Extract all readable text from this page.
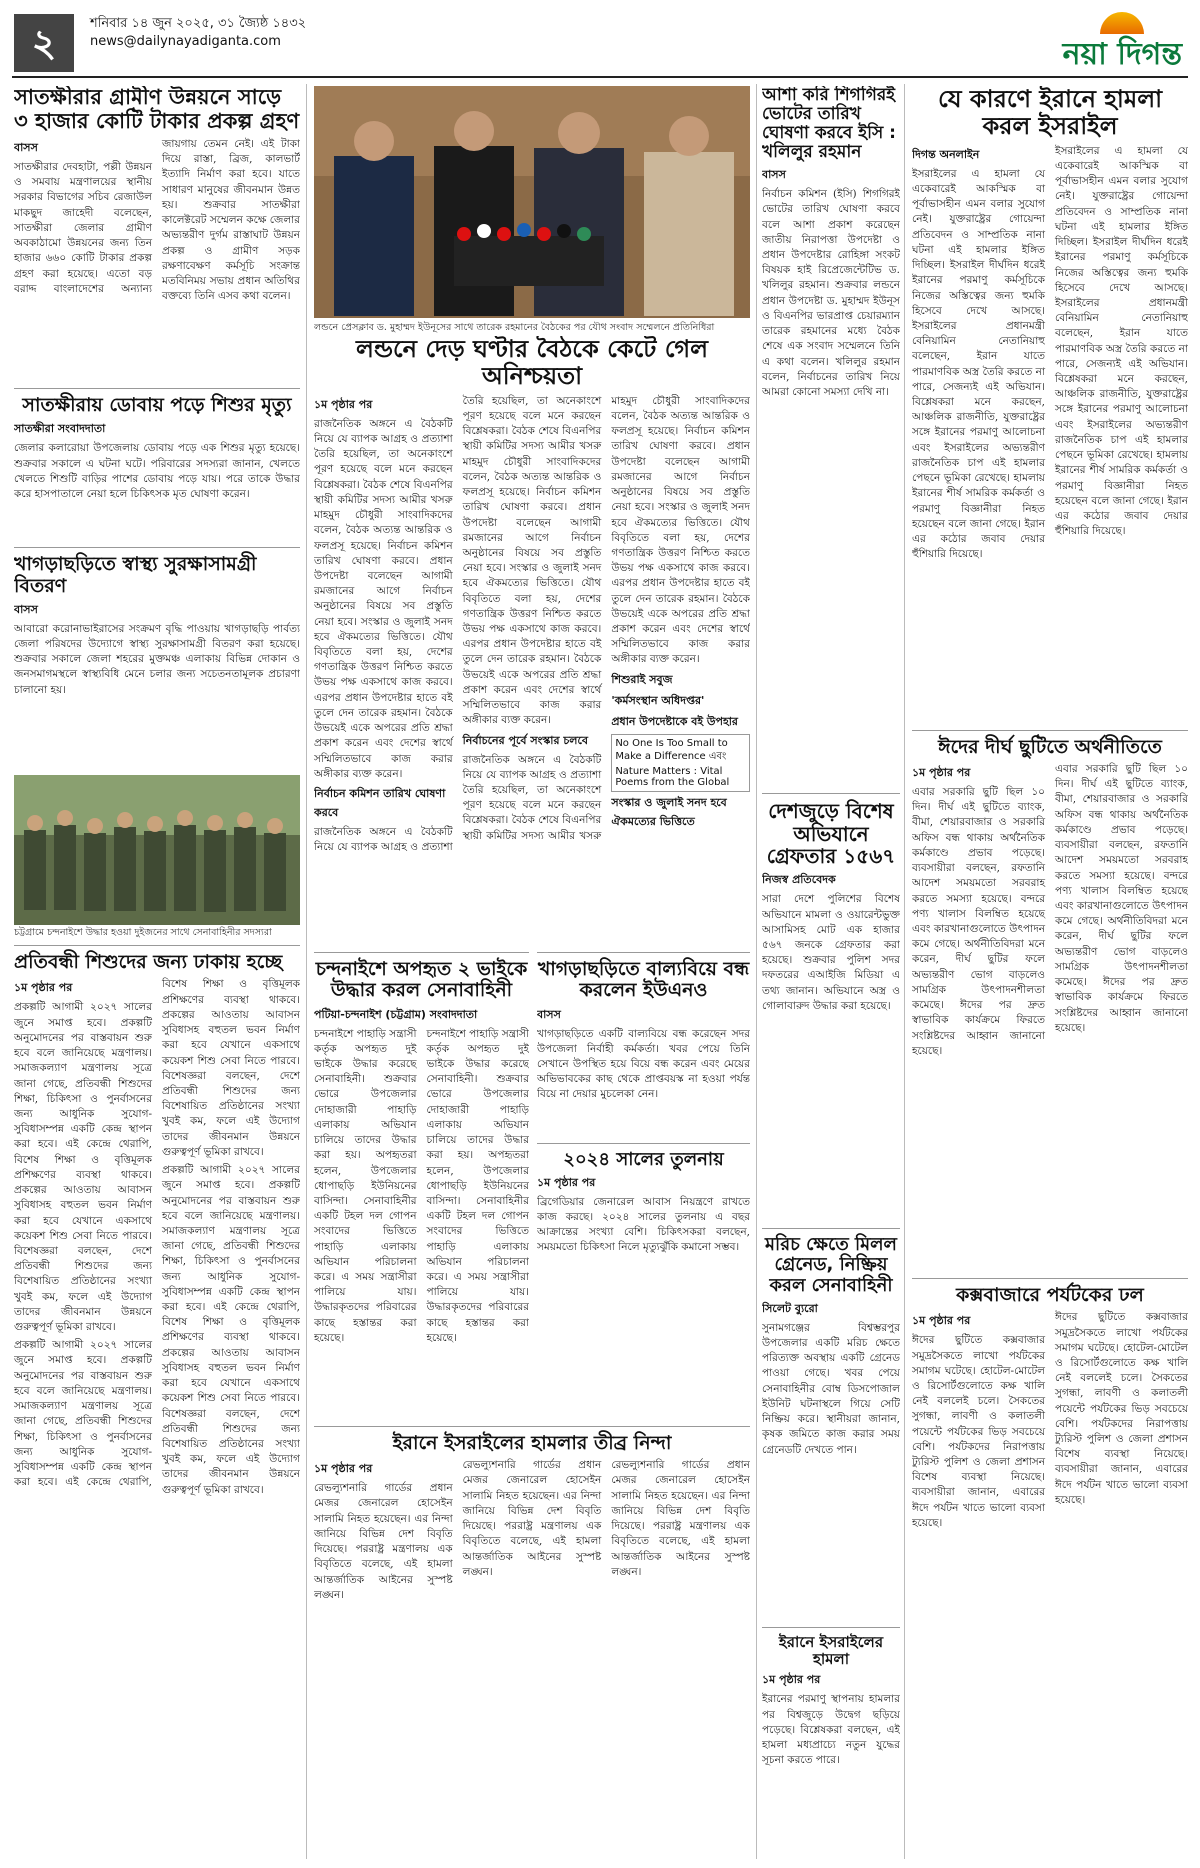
২	শনিবার ১৪ জুন ২০২৫, ৩১ জ্যৈষ্ঠ ১৪৩২
news@dailynayadiganta.com	নয়া দিগন্ত
সাতক্ষীরার গ্রামীণ উন্নয়নে সাড়ে ৩ হাজার কোটি টাকার প্রকল্প গ্রহণ
বাসস

সাতক্ষীরার দেবহাটা, পল্লী উন্নয়ন ও সমবায় মন্ত্রণালয়ের স্থানীয় সরকার বিভাগের সচিব রেজাউল মাকছুদ জাহেদী বলেছেন, সাতক্ষীরা জেলার গ্রামীণ অবকাঠামো উন্নয়নের জন্য তিন হাজার ৬৬০ কোটি টাকার প্রকল্প গ্রহণ করা হয়েছে। এতো বড় বরাদ্দ বাংলাদেশের অন্যান্য জায়গায় তেমন নেই। এই টাকা দিয়ে রাস্তা, ব্রিজ, কালভার্ট ইত্যাদি নির্মাণ করা হবে। যাতে সাধারণ মানুষের জীবনমান উন্নত হয়। শুক্রবার সাতক্ষীরা কালেক্টরেট সম্মেলন কক্ষে জেলার অভ্যন্তরীণ দুর্গম রাস্তাঘাট উন্নয়ন প্রকল্প ও গ্রামীণ সড়ক রক্ষণাবেক্ষণ কর্মসূচি সংক্রান্ত মতবিনিময় সভায় প্রধান অতিথির বক্তব্যে তিনি এসব কথা বলেন।

সাতক্ষীরায় ডোবায় পড়ে শিশুর মৃত্যু
সাতক্ষীরা সংবাদদাতা

জেলার কলারোয়া উপজেলায় ডোবায় পড়ে এক শিশুর মৃত্যু হয়েছে। শুক্রবার সকালে এ ঘটনা ঘটে। পরিবারের সদস্যরা জানান, খেলতে খেলতে শিশুটি বাড়ির পাশের ডোবায় পড়ে যায়। পরে তাকে উদ্ধার করে হাসপাতালে নেয়া হলে চিকিৎসক মৃত ঘোষণা করেন।

খাগড়াছড়িতে স্বাস্থ্য সুরক্ষাসামগ্রী বিতরণ
বাসস

আবারো করোনাভাইরাসের সংক্রমণ বৃদ্ধি পাওয়ায় খাগড়াছড়ি পার্বত্য জেলা পরিষদের উদ্যোগে স্বাস্থ্য সুরক্ষাসামগ্রী বিতরণ করা হয়েছে। শুক্রবার সকালে জেলা শহরের মুক্তমঞ্চ এলাকায় বিভিন্ন দোকান ও জনসমাগমস্থলে স্বাস্থ্যবিধি মেনে চলার জন্য সচেতনতামূলক প্রচারণা চালানো হয়।

চট্টগ্রামে চন্দনাইশে উদ্ধার হওয়া দুইজনের সাথে সেনাবাহিনীর সদস্যরা
প্রতিবন্ধী শিশুদের জন্য ঢাকায় হচ্ছে
১ম পৃষ্ঠার পর

প্রকল্পটি আগামী ২০২৭ সালের জুনে সমাপ্ত হবে। প্রকল্পটি অনুমোদনের পর বাস্তবায়ন শুরু হবে বলে জানিয়েছে মন্ত্রণালয়। সমাজকল্যাণ মন্ত্রণালয় সূত্রে জানা গেছে, প্রতিবন্ধী শিশুদের শিক্ষা, চিকিৎসা ও পুনর্বাসনের জন্য আধুনিক সুযোগ-সুবিধাসম্পন্ন একটি কেন্দ্র স্থাপন করা হবে। এই কেন্দ্রে থেরাপি, বিশেষ শিক্ষা ও বৃত্তিমূলক প্রশিক্ষণের ব্যবস্থা থাকবে। প্রকল্পের আওতায় আবাসন সুবিধাসহ বহুতল ভবন নির্মাণ করা হবে যেখানে একসাথে কয়েকশ শিশু সেবা নিতে পারবে। বিশেষজ্ঞরা বলছেন, দেশে প্রতিবন্ধী শিশুদের জন্য বিশেষায়িত প্রতিষ্ঠানের সংখ্যা খুবই কম, ফলে এই উদ্যোগ তাদের জীবনমান উন্নয়নে গুরুত্বপূর্ণ ভূমিকা রাখবে।

প্রকল্পটি আগামী ২০২৭ সালের জুনে সমাপ্ত হবে। প্রকল্পটি অনুমোদনের পর বাস্তবায়ন শুরু হবে বলে জানিয়েছে মন্ত্রণালয়। সমাজকল্যাণ মন্ত্রণালয় সূত্রে জানা গেছে, প্রতিবন্ধী শিশুদের শিক্ষা, চিকিৎসা ও পুনর্বাসনের জন্য আধুনিক সুযোগ-সুবিধাসম্পন্ন একটি কেন্দ্র স্থাপন করা হবে। এই কেন্দ্রে থেরাপি, বিশেষ শিক্ষা ও বৃত্তিমূলক প্রশিক্ষণের ব্যবস্থা থাকবে। প্রকল্পের আওতায় আবাসন সুবিধাসহ বহুতল ভবন নির্মাণ করা হবে যেখানে একসাথে কয়েকশ শিশু সেবা নিতে পারবে। বিশেষজ্ঞরা বলছেন, দেশে প্রতিবন্ধী শিশুদের জন্য বিশেষায়িত প্রতিষ্ঠানের সংখ্যা খুবই কম, ফলে এই উদ্যোগ তাদের জীবনমান উন্নয়নে গুরুত্বপূর্ণ ভূমিকা রাখবে।

প্রকল্পটি আগামী ২০২৭ সালের জুনে সমাপ্ত হবে। প্রকল্পটি অনুমোদনের পর বাস্তবায়ন শুরু হবে বলে জানিয়েছে মন্ত্রণালয়। সমাজকল্যাণ মন্ত্রণালয় সূত্রে জানা গেছে, প্রতিবন্ধী শিশুদের শিক্ষা, চিকিৎসা ও পুনর্বাসনের জন্য আধুনিক সুযোগ-সুবিধাসম্পন্ন একটি কেন্দ্র স্থাপন করা হবে। এই কেন্দ্রে থেরাপি, বিশেষ শিক্ষা ও বৃত্তিমূলক প্রশিক্ষণের ব্যবস্থা থাকবে। প্রকল্পের আওতায় আবাসন সুবিধাসহ বহুতল ভবন নির্মাণ করা হবে যেখানে একসাথে কয়েকশ শিশু সেবা নিতে পারবে। বিশেষজ্ঞরা বলছেন, দেশে প্রতিবন্ধী শিশুদের জন্য বিশেষায়িত প্রতিষ্ঠানের সংখ্যা খুবই কম, ফলে এই উদ্যোগ তাদের জীবনমান উন্নয়নে গুরুত্বপূর্ণ ভূমিকা রাখবে।

লন্ডনে প্রেসক্লাব ড. মুহাম্মদ ইউনূসের সাথে তারেক রহমানের বৈঠকের পর যৌথ সংবাদ সম্মেলনে প্রতিনিধিরা
লন্ডনে দেড় ঘণ্টার বৈঠকে কেটে গেল অনিশ্চয়তা
১ম পৃষ্ঠার পর

রাজনৈতিক অঙ্গনে এ বৈঠকটি নিয়ে যে ব্যাপক আগ্রহ ও প্রত্যাশা তৈরি হয়েছিল, তা অনেকাংশে পূরণ হয়েছে বলে মনে করছেন বিশ্লেষকরা। বৈঠক শেষে বিএনপির স্থায়ী কমিটির সদস্য আমীর খসরু মাহমুদ চৌধুরী সাংবাদিকদের বলেন, বৈঠক অত্যন্ত আন্তরিক ও ফলপ্রসূ হয়েছে। নির্বাচন কমিশন তারিখ ঘোষণা করবে। প্রধান উপদেষ্টা বলেছেন আগামী রমজানের আগে নির্বাচন অনুষ্ঠানের বিষয়ে সব প্রস্তুতি নেয়া হবে। সংস্কার ও জুলাই সনদ হবে ঐকমত্যের ভিত্তিতে। যৌথ বিবৃতিতে বলা হয়, দেশের গণতান্ত্রিক উত্তরণ নিশ্চিত করতে উভয় পক্ষ একসাথে কাজ করবে। এরপর প্রধান উপদেষ্টার হাতে বই তুলে দেন তারেক রহমান। বৈঠকে উভয়েই একে অপরের প্রতি শ্রদ্ধা প্রকাশ করেন এবং দেশের স্বার্থে সম্মিলিতভাবে কাজ করার অঙ্গীকার ব্যক্ত করেন।

নির্বাচন কমিশন তারিখ ঘোষণা করবে

রাজনৈতিক অঙ্গনে এ বৈঠকটি নিয়ে যে ব্যাপক আগ্রহ ও প্রত্যাশা তৈরি হয়েছিল, তা অনেকাংশে পূরণ হয়েছে বলে মনে করছেন বিশ্লেষকরা। বৈঠক শেষে বিএনপির স্থায়ী কমিটির সদস্য আমীর খসরু মাহমুদ চৌধুরী সাংবাদিকদের বলেন, বৈঠক অত্যন্ত আন্তরিক ও ফলপ্রসূ হয়েছে। নির্বাচন কমিশন তারিখ ঘোষণা করবে। প্রধান উপদেষ্টা বলেছেন আগামী রমজানের আগে নির্বাচন অনুষ্ঠানের বিষয়ে সব প্রস্তুতি নেয়া হবে। সংস্কার ও জুলাই সনদ হবে ঐকমত্যের ভিত্তিতে। যৌথ বিবৃতিতে বলা হয়, দেশের গণতান্ত্রিক উত্তরণ নিশ্চিত করতে উভয় পক্ষ একসাথে কাজ করবে। এরপর প্রধান উপদেষ্টার হাতে বই তুলে দেন তারেক রহমান। বৈঠকে উভয়েই একে অপরের প্রতি শ্রদ্ধা প্রকাশ করেন এবং দেশের স্বার্থে সম্মিলিতভাবে কাজ করার অঙ্গীকার ব্যক্ত করেন।

নির্বাচনের পূর্বে সংস্কার চলবে

রাজনৈতিক অঙ্গনে এ বৈঠকটি নিয়ে যে ব্যাপক আগ্রহ ও প্রত্যাশা তৈরি হয়েছিল, তা অনেকাংশে পূরণ হয়েছে বলে মনে করছেন বিশ্লেষকরা। বৈঠক শেষে বিএনপির স্থায়ী কমিটির সদস্য আমীর খসরু মাহমুদ চৌধুরী সাংবাদিকদের বলেন, বৈঠক অত্যন্ত আন্তরিক ও ফলপ্রসূ হয়েছে। নির্বাচন কমিশন তারিখ ঘোষণা করবে। প্রধান উপদেষ্টা বলেছেন আগামী রমজানের আগে নির্বাচন অনুষ্ঠানের বিষয়ে সব প্রস্তুতি নেয়া হবে। সংস্কার ও জুলাই সনদ হবে ঐকমত্যের ভিত্তিতে। যৌথ বিবৃতিতে বলা হয়, দেশের গণতান্ত্রিক উত্তরণ নিশ্চিত করতে উভয় পক্ষ একসাথে কাজ করবে। এরপর প্রধান উপদেষ্টার হাতে বই তুলে দেন তারেক রহমান। বৈঠকে উভয়েই একে অপরের প্রতি শ্রদ্ধা প্রকাশ করেন এবং দেশের স্বার্থে সম্মিলিতভাবে কাজ করার অঙ্গীকার ব্যক্ত করেন।

শিশুরাই সবুজ
'কর্মসংস্থান অধিদপ্তর'
প্রধান উপদেষ্টাকে বই উপহার
No One Is Too Small to Make a Difference এবং Nature Matters : Vital Poems from the Global
সংস্কার ও জুলাই সনদ হবে ঐকমত্যের ভিত্তিতে
চন্দনাইশে অপহৃত ২ ভাইকে উদ্ধার করল সেনাবাহিনী
পটিয়া-চন্দনাইশ (চট্টগ্রাম) সংবাদদাতা

চন্দনাইশে পাহাড়ি সন্ত্রাসী কর্তৃক অপহৃত দুই ভাইকে উদ্ধার করেছে সেনাবাহিনী। শুক্রবার ভোরে উপজেলার দোহাজারী পাহাড়ি এলাকায় অভিযান চালিয়ে তাদের উদ্ধার করা হয়। অপহৃতরা হলেন, উপজেলার ধোপাছড়ি ইউনিয়নের বাসিন্দা। সেনাবাহিনীর একটি টহল দল গোপন সংবাদের ভিত্তিতে পাহাড়ি এলাকায় অভিযান পরিচালনা করে। এ সময় সন্ত্রাসীরা পালিয়ে যায়। উদ্ধারকৃতদের পরিবারের কাছে হস্তান্তর করা হয়েছে।

চন্দনাইশে পাহাড়ি সন্ত্রাসী কর্তৃক অপহৃত দুই ভাইকে উদ্ধার করেছে সেনাবাহিনী। শুক্রবার ভোরে উপজেলার দোহাজারী পাহাড়ি এলাকায় অভিযান চালিয়ে তাদের উদ্ধার করা হয়। অপহৃতরা হলেন, উপজেলার ধোপাছড়ি ইউনিয়নের বাসিন্দা। সেনাবাহিনীর একটি টহল দল গোপন সংবাদের ভিত্তিতে পাহাড়ি এলাকায় অভিযান পরিচালনা করে। এ সময় সন্ত্রাসীরা পালিয়ে যায়। উদ্ধারকৃতদের পরিবারের কাছে হস্তান্তর করা হয়েছে।

খাগড়াছড়িতে বাল্যবিয়ে বন্ধ করলেন ইউএনও
বাসস

খাগড়াছড়িতে একটি বাল্যবিয়ে বন্ধ করেছেন সদর উপজেলা নির্বাহী কর্মকর্তা। খবর পেয়ে তিনি সেখানে উপস্থিত হয়ে বিয়ে বন্ধ করেন এবং মেয়ের অভিভাবকের কাছ থেকে প্রাপ্তবয়স্ক না হওয়া পর্যন্ত বিয়ে না দেয়ার মুচলেকা নেন।

২০২৪ সালের তুলনায়
১ম পৃষ্ঠার পর

ব্রিগেডিয়ার জেনারেল আবাস নিয়ন্ত্রণে রাখতে কাজ করছে। ২০২৪ সালের তুলনায় এ বছর আক্রান্তের সংখ্যা বেশি। চিকিৎসকরা বলছেন, সময়মতো চিকিৎসা নিলে মৃত্যুঝুঁকি কমানো সম্ভব।

ইরানে ইসরাইলের হামলার তীব্র নিন্দা
১ম পৃষ্ঠার পর

রেভল্যুশনারি গার্ডের প্রধান মেজর জেনারেল হোসেইন সালামি নিহত হয়েছেন। এর নিন্দা জানিয়ে বিভিন্ন দেশ বিবৃতি দিয়েছে। পররাষ্ট্র মন্ত্রণালয় এক বিবৃতিতে বলেছে, এই হামলা আন্তর্জাতিক আইনের সুস্পষ্ট লঙ্ঘন।

রেভল্যুশনারি গার্ডের প্রধান মেজর জেনারেল হোসেইন সালামি নিহত হয়েছেন। এর নিন্দা জানিয়ে বিভিন্ন দেশ বিবৃতি দিয়েছে। পররাষ্ট্র মন্ত্রণালয় এক বিবৃতিতে বলেছে, এই হামলা আন্তর্জাতিক আইনের সুস্পষ্ট লঙ্ঘন।

রেভল্যুশনারি গার্ডের প্রধান মেজর জেনারেল হোসেইন সালামি নিহত হয়েছেন। এর নিন্দা জানিয়ে বিভিন্ন দেশ বিবৃতি দিয়েছে। পররাষ্ট্র মন্ত্রণালয় এক বিবৃতিতে বলেছে, এই হামলা আন্তর্জাতিক আইনের সুস্পষ্ট লঙ্ঘন।

আশা করি শিগগিরই ভোটের তারিখ ঘোষণা করবে ইসি : খলিলুর রহমান
বাসস

নির্বাচন কমিশন (ইসি) শিগগিরই ভোটের তারিখ ঘোষণা করবে বলে আশা প্রকাশ করেছেন জাতীয় নিরাপত্তা উপদেষ্টা ও প্রধান উপদেষ্টার রোহিঙ্গা সংকট বিষয়ক হাই রিপ্রেজেন্টেটিভ ড. খলিলুর রহমান। শুক্রবার লন্ডনে প্রধান উপদেষ্টা ড. মুহাম্মদ ইউনূস ও বিএনপির ভারপ্রাপ্ত চেয়ারম্যান তারেক রহমানের মধ্যে বৈঠক শেষে এক সংবাদ সম্মেলনে তিনি এ কথা বলেন। খলিলুর রহমান বলেন, নির্বাচনের তারিখ নিয়ে আমরা কোনো সমস্যা দেখি না।

দেশজুড়ে বিশেষ অভিযানে গ্রেফতার ১৫৬৭
নিজস্ব প্রতিবেদক

সারা দেশে পুলিশের বিশেষ অভিযানে মামলা ও ওয়ারেন্টভুক্ত আসামিসহ মোট এক হাজার ৫৬৭ জনকে গ্রেফতার করা হয়েছে। শুক্রবার পুলিশ সদর দফতরের এআইজি মিডিয়া এ তথ্য জানান। অভিযানে অস্ত্র ও গোলাবারুদ উদ্ধার করা হয়েছে।

মরিচ ক্ষেতে মিলল গ্রেনেড, নিষ্ক্রিয় করল সেনাবাহিনী
সিলেট ব্যুরো

সুনামগঞ্জের বিশ্বম্ভরপুর উপজেলার একটি মরিচ ক্ষেতে পরিত্যক্ত অবস্থায় একটি গ্রেনেড পাওয়া গেছে। খবর পেয়ে সেনাবাহিনীর বোম্ব ডিসপোজাল ইউনিট ঘটনাস্থলে গিয়ে সেটি নিষ্ক্রিয় করে। স্থানীয়রা জানান, কৃষক জমিতে কাজ করার সময় গ্রেনেডটি দেখতে পান।

ইরানে ইসরাইলের হামলা
১ম পৃষ্ঠার পর

ইরানের পরমাণু স্থাপনায় হামলার পর বিশ্বজুড়ে উদ্বেগ ছড়িয়ে পড়েছে। বিশ্লেষকরা বলছেন, এই হামলা মধ্যপ্রাচ্যে নতুন যুদ্ধের সূচনা করতে পারে।

যে কারণে ইরানে হামলা করল ইসরাইল
দিগন্ত অনলাইন

ইসরাইলের এ হামলা যে একেবারেই আকস্মিক বা পূর্বাভাসহীন এমন বলার সুযোগ নেই। যুক্তরাষ্ট্রের গোয়েন্দা প্রতিবেদন ও সাম্প্রতিক নানা ঘটনা এই হামলার ইঙ্গিত দিচ্ছিল। ইসরাইল দীর্ঘদিন ধরেই ইরানের পরমাণু কর্মসূচিকে নিজের অস্তিত্বের জন্য হুমকি হিসেবে দেখে আসছে। ইসরাইলের প্রধানমন্ত্রী বেনিয়ামিন নেতানিয়াহু বলেছেন, ইরান যাতে পারমাণবিক অস্ত্র তৈরি করতে না পারে, সেজন্যই এই অভিযান। বিশ্লেষকরা মনে করছেন, আঞ্চলিক রাজনীতি, যুক্তরাষ্ট্রের সঙ্গে ইরানের পরমাণু আলোচনা এবং ইসরাইলের অভ্যন্তরীণ রাজনৈতিক চাপ এই হামলার পেছনে ভূমিকা রেখেছে। হামলায় ইরানের শীর্ষ সামরিক কর্মকর্তা ও পরমাণু বিজ্ঞানীরা নিহত হয়েছেন বলে জানা গেছে। ইরান এর কঠোর জবাব দেয়ার হুঁশিয়ারি দিয়েছে।

ইসরাইলের এ হামলা যে একেবারেই আকস্মিক বা পূর্বাভাসহীন এমন বলার সুযোগ নেই। যুক্তরাষ্ট্রের গোয়েন্দা প্রতিবেদন ও সাম্প্রতিক নানা ঘটনা এই হামলার ইঙ্গিত দিচ্ছিল। ইসরাইল দীর্ঘদিন ধরেই ইরানের পরমাণু কর্মসূচিকে নিজের অস্তিত্বের জন্য হুমকি হিসেবে দেখে আসছে। ইসরাইলের প্রধানমন্ত্রী বেনিয়ামিন নেতানিয়াহু বলেছেন, ইরান যাতে পারমাণবিক অস্ত্র তৈরি করতে না পারে, সেজন্যই এই অভিযান। বিশ্লেষকরা মনে করছেন, আঞ্চলিক রাজনীতি, যুক্তরাষ্ট্রের সঙ্গে ইরানের পরমাণু আলোচনা এবং ইসরাইলের অভ্যন্তরীণ রাজনৈতিক চাপ এই হামলার পেছনে ভূমিকা রেখেছে। হামলায় ইরানের শীর্ষ সামরিক কর্মকর্তা ও পরমাণু বিজ্ঞানীরা নিহত হয়েছেন বলে জানা গেছে। ইরান এর কঠোর জবাব দেয়ার হুঁশিয়ারি দিয়েছে।

ঈদের দীর্ঘ ছুটিতে অর্থনীতিতে
১ম পৃষ্ঠার পর

এবার সরকারি ছুটি ছিল ১০ দিন। দীর্ঘ এই ছুটিতে ব্যাংক, বীমা, শেয়ারবাজার ও সরকারি অফিস বন্ধ থাকায় অর্থনৈতিক কর্মকাণ্ডে প্রভাব পড়েছে। ব্যবসায়ীরা বলছেন, রফতানি আদেশ সময়মতো সরবরাহ করতে সমস্যা হয়েছে। বন্দরে পণ্য খালাস বিলম্বিত হয়েছে এবং কারখানাগুলোতে উৎপাদন কমে গেছে। অর্থনীতিবিদরা মনে করেন, দীর্ঘ ছুটির ফলে অভ্যন্তরীণ ভোগ বাড়লেও সামগ্রিক উৎপাদনশীলতা কমেছে। ঈদের পর দ্রুত স্বাভাবিক কার্যক্রমে ফিরতে সংশ্লিষ্টদের আহ্বান জানানো হয়েছে।

এবার সরকারি ছুটি ছিল ১০ দিন। দীর্ঘ এই ছুটিতে ব্যাংক, বীমা, শেয়ারবাজার ও সরকারি অফিস বন্ধ থাকায় অর্থনৈতিক কর্মকাণ্ডে প্রভাব পড়েছে। ব্যবসায়ীরা বলছেন, রফতানি আদেশ সময়মতো সরবরাহ করতে সমস্যা হয়েছে। বন্দরে পণ্য খালাস বিলম্বিত হয়েছে এবং কারখানাগুলোতে উৎপাদন কমে গেছে। অর্থনীতিবিদরা মনে করেন, দীর্ঘ ছুটির ফলে অভ্যন্তরীণ ভোগ বাড়লেও সামগ্রিক উৎপাদনশীলতা কমেছে। ঈদের পর দ্রুত স্বাভাবিক কার্যক্রমে ফিরতে সংশ্লিষ্টদের আহ্বান জানানো হয়েছে।

কক্সবাজারে পর্যটকের ঢল
১ম পৃষ্ঠার পর

ঈদের ছুটিতে কক্সবাজার সমুদ্রসৈকতে লাখো পর্যটকের সমাগম ঘটেছে। হোটেল-মোটেল ও রিসোর্টগুলোতে কক্ষ খালি নেই বললেই চলে। সৈকতের সুগন্ধা, লাবণী ও কলাতলী পয়েন্টে পর্যটকের ভিড় সবচেয়ে বেশি। পর্যটকদের নিরাপত্তায় ট্যুরিস্ট পুলিশ ও জেলা প্রশাসন বিশেষ ব্যবস্থা নিয়েছে। ব্যবসায়ীরা জানান, এবারের ঈদে পর্যটন খাতে ভালো ব্যবসা হয়েছে।

ঈদের ছুটিতে কক্সবাজার সমুদ্রসৈকতে লাখো পর্যটকের সমাগম ঘটেছে। হোটেল-মোটেল ও রিসোর্টগুলোতে কক্ষ খালি নেই বললেই চলে। সৈকতের সুগন্ধা, লাবণী ও কলাতলী পয়েন্টে পর্যটকের ভিড় সবচেয়ে বেশি। পর্যটকদের নিরাপত্তায় ট্যুরিস্ট পুলিশ ও জেলা প্রশাসন বিশেষ ব্যবস্থা নিয়েছে। ব্যবসায়ীরা জানান, এবারের ঈদে পর্যটন খাতে ভালো ব্যবসা হয়েছে।
